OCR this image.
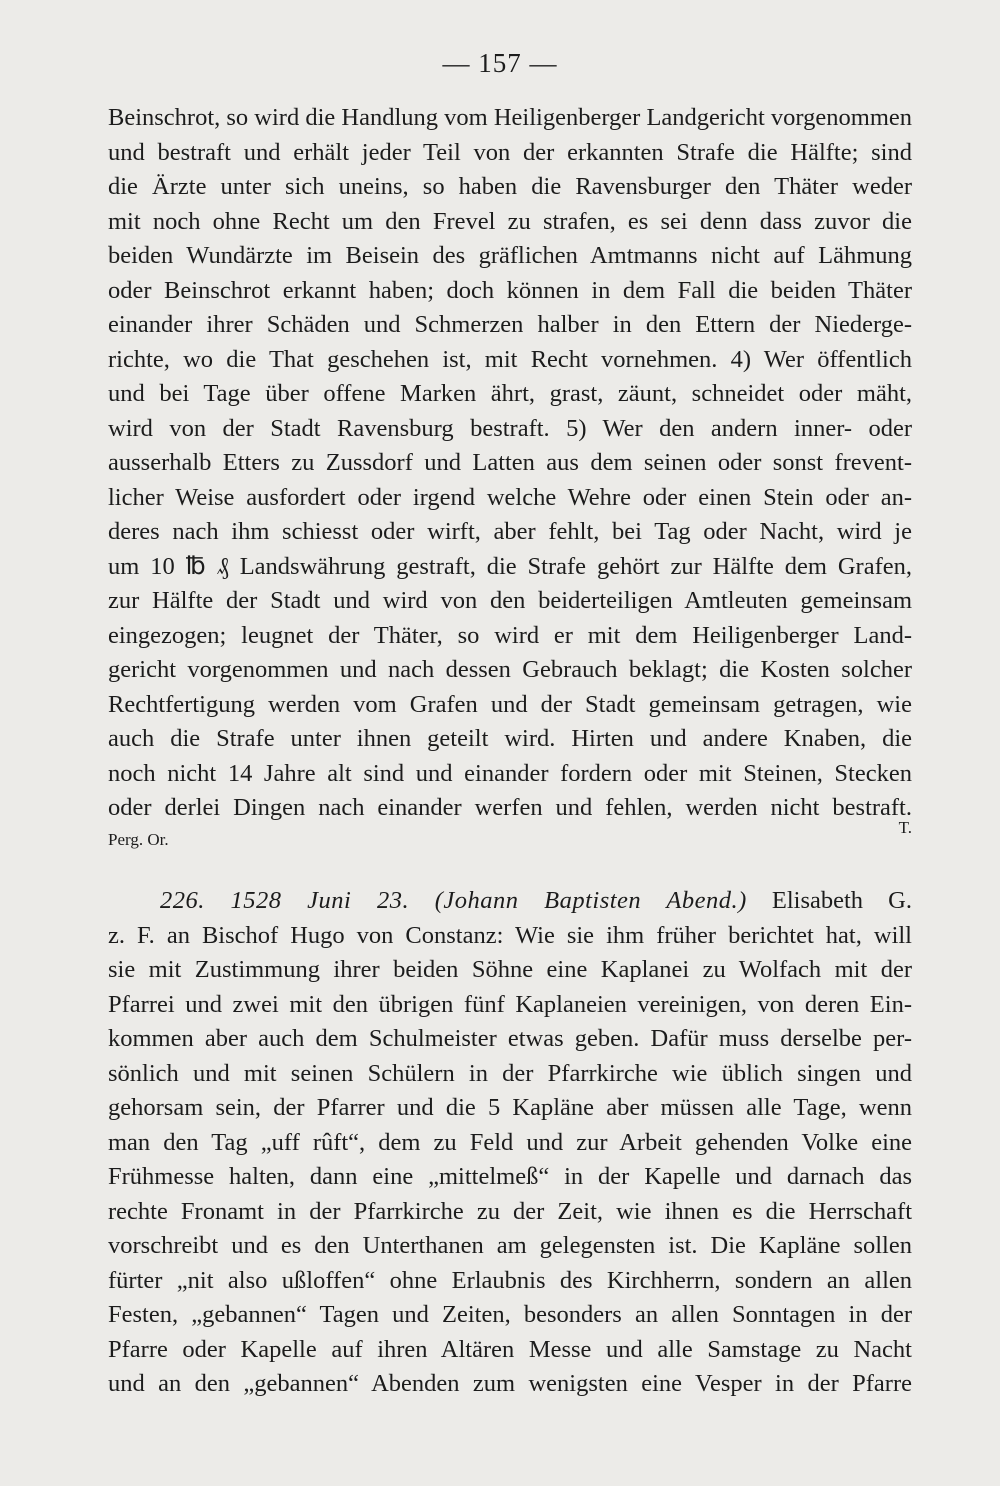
— 157 —
Beinschrot, so wird die Handlung vom Heiligenberger Landgericht vorgenommen
und bestraft und erhält jeder Teil von der erkannten Strafe die Hälfte; sind
die Ärzte unter sich uneins, so haben die Ravensburger den Thäter weder
mit noch ohne Recht um den Frevel zu strafen, es sei denn dass zuvor die
beiden Wundärzte im Beisein des gräflichen Amtmanns nicht auf Lähmung
oder Beinschrot erkannt haben; doch können in dem Fall die beiden Thäter
einander ihrer Schäden und Schmerzen halber in den Ettern der Niederge-
richte, wo die That geschehen ist, mit Recht vornehmen. 4) Wer öffentlich
und bei Tage über offene Marken ährt, grast, zäunt, schneidet oder mäht,
wird von der Stadt Ravensburg bestraft. 5) Wer den andern inner- oder
ausserhalb Etters zu Zussdorf und Latten aus dem seinen oder sonst frevent-
licher Weise ausfordert oder irgend welche Wehre oder einen Stein oder an-
deres nach ihm schiesst oder wirft, aber fehlt, bei Tag oder Nacht, wird je
um 10 ℔ ₰ Landswährung gestraft, die Strafe gehört zur Hälfte dem Grafen,
zur Hälfte der Stadt und wird von den beiderteiligen Amtleuten gemeinsam
eingezogen; leugnet der Thäter, so wird er mit dem Heiligenberger Land-
gericht vorgenommen und nach dessen Gebrauch beklagt; die Kosten solcher
Rechtfertigung werden vom Grafen und der Stadt gemeinsam getragen, wie
auch die Strafe unter ihnen geteilt wird. Hirten und andere Knaben, die
noch nicht 14 Jahre alt sind und einander fordern oder mit Steinen, Stecken
oder derlei Dingen nach einander werfen und fehlen, werden nicht bestraft.
Perg. Or.
T.
226. 1528 Juni 23. (Johann Baptisten Abend.) Elisabeth G.
z. F. an Bischof Hugo von Constanz: Wie sie ihm früher berichtet hat, will
sie mit Zustimmung ihrer beiden Söhne eine Kaplanei zu Wolfach mit der
Pfarrei und zwei mit den übrigen fünf Kaplaneien vereinigen, von deren Ein-
kommen aber auch dem Schulmeister etwas geben. Dafür muss derselbe per-
sönlich und mit seinen Schülern in der Pfarrkirche wie üblich singen und
gehorsam sein, der Pfarrer und die 5 Kapläne aber müssen alle Tage, wenn
man den Tag „uff rûft“, dem zu Feld und zur Arbeit gehenden Volke eine
Frühmesse halten, dann eine „mittelmeß“ in der Kapelle und darnach das
rechte Fronamt in der Pfarrkirche zu der Zeit, wie ihnen es die Herrschaft
vorschreibt und es den Unterthanen am gelegensten ist. Die Kapläne sollen
fürter „nit also ußloffen“ ohne Erlaubnis des Kirchherrn, sondern an allen
Festen, „gebannen“ Tagen und Zeiten, besonders an allen Sonntagen in der
Pfarre oder Kapelle auf ihren Altären Messe und alle Samstage zu Nacht
und an den „gebannen“ Abenden zum wenigsten eine Vesper in der Pfarre
